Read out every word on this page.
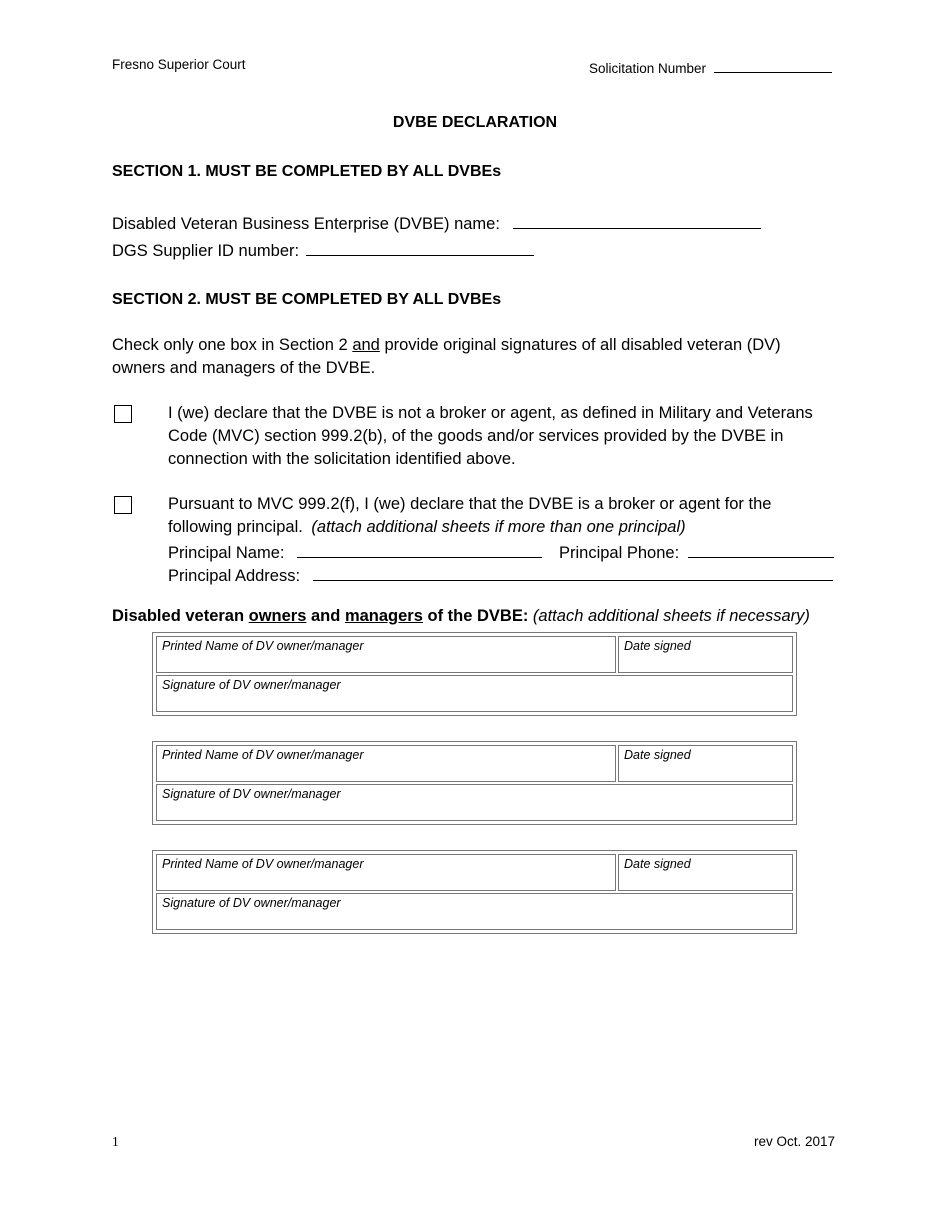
Fresno Superior Court	Solicitation Number
DVBE DECLARATION
SECTION 1. MUST BE COMPLETED BY ALL DVBEs
Disabled Veteran Business Enterprise (DVBE) name:
DGS Supplier ID number:
SECTION 2. MUST BE COMPLETED BY ALL DVBEs
Check only one box in Section 2 and provide original signatures of all disabled veteran (DV) owners and managers of the DVBE.
I (we) declare that the DVBE is not a broker or agent, as defined in Military and Veterans Code (MVC) section 999.2(b), of the goods and/or services provided by the DVBE in connection with the solicitation identified above.
Pursuant to MVC 999.2(f), I (we) declare that the DVBE is a broker or agent for the following principal. (attach additional sheets if more than one principal)
Principal Name:	Principal Phone:
Principal Address:
Disabled veteran owners and managers of the DVBE: (attach additional sheets if necessary)
Printed Name of DV owner/manager	Date signed
Signature of DV owner/manager
Printed Name of DV owner/manager	Date signed
Signature of DV owner/manager
Printed Name of DV owner/manager	Date signed
Signature of DV owner/manager
1	rev Oct. 2017
